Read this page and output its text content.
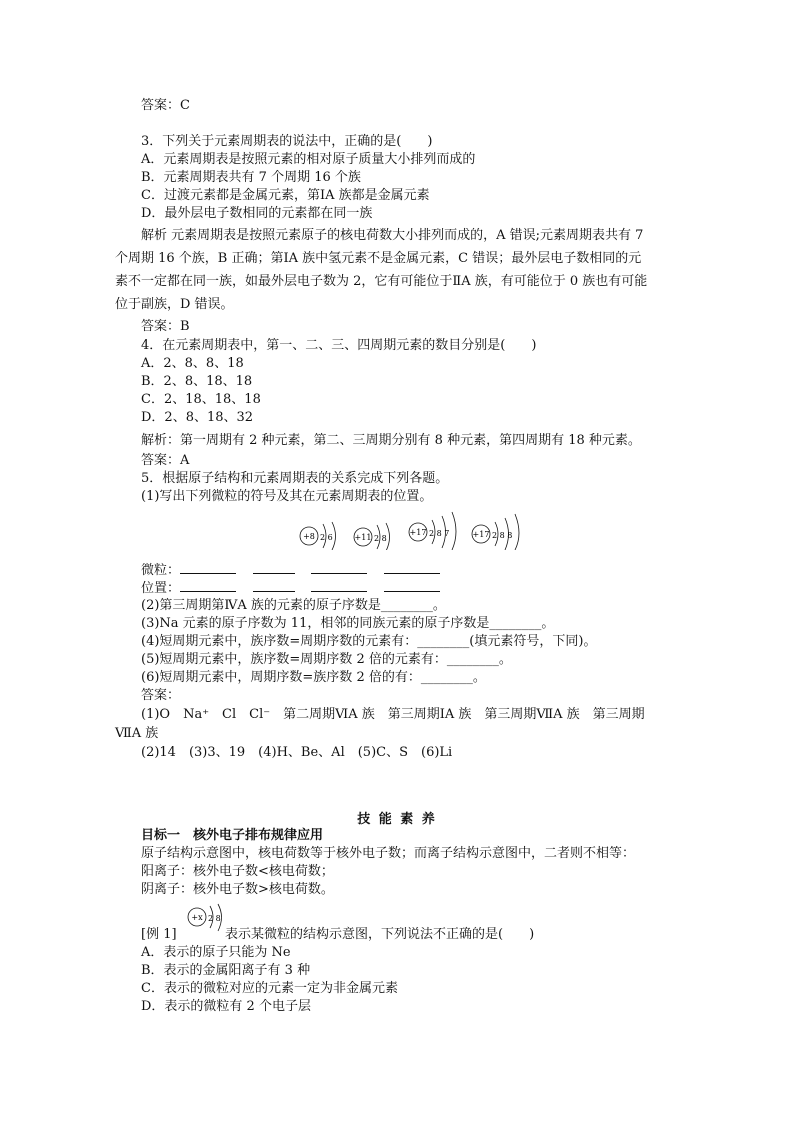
答案：C
3．下列关于元素周期表的说法中，正确的是(　　)
A．元素周期表是按照元素的相对原子质量大小排列而成的
B．元素周期表共有 7 个周期 16 个族
C．过渡元素都是金属元素，第ⅠA 族都是金属元素
D．最外层电子数相同的元素都在同一族
解析 元素周期表是按照元素原子的核电荷数大小排列而成的，A 错误;元素周期表共有 7
个周期 16 个族，B 正确；第ⅠA 族中氢元素不是金属元素，C 错误；最外层电子数相同的元
素不一定都在同一族，如最外层电子数为 2，它有可能位于ⅡA 族，有可能位于 0 族也有可能
位于副族，D 错误。
答案：B
4．在元素周期表中，第一、二、三、四周期元素的数目分别是(　　)
A．2、8、8、18
B．2、8、18、18
C．2、18、18、18
D．2、8、18、32
解析：第一周期有 2 种元素，第二、三周期分别有 8 种元素，第四周期有 18 种元素。
答案：A
5．根据原子结构和元素周期表的关系完成下列各题。
(1)写出下列微粒的符号及其在元素周期表的位置。
+8 2 6	+11 2 8
+17 2 8 7	+17 2 8 8
微粒：
位置：
(2)第三周期第ⅣA 族的元素的原子序数是________。
(3)Na 元素的原子序数为 11，相邻的同族元素的原子序数是________。
(4)短周期元素中，族序数=周期序数的元素有：________(填元素符号，下同)。
(5)短周期元素中，族序数=周期序数 2 倍的元素有：________。
(6)短周期元素中，周期序数=族序数 2 倍的有：________。
答案：
(1)O　Na⁺　Cl　Cl⁻　第二周期ⅥA 族　第三周期ⅠA 族　第三周期ⅦA 族　第三周期
ⅦA 族
(2)14　(3)3、19　(4)H、Be、Al　(5)C、S　(6)Li
技 能 素 养
目标一　核外电子排布规律应用
原子结构示意图中，核电荷数等于核外电子数；而离子结构示意图中，二者则不相等：
阳离子：核外电子数<核电荷数；
阴离子：核外电子数>核电荷数。
+x 2 8
[例 1]	表示某微粒的结构示意图，下列说法不正确的是(　　)
A．表示的原子只能为 Ne
B．表示的金属阳离子有 3 种
C．表示的微粒对应的元素一定为非金属元素
D．表示的微粒有 2 个电子层
